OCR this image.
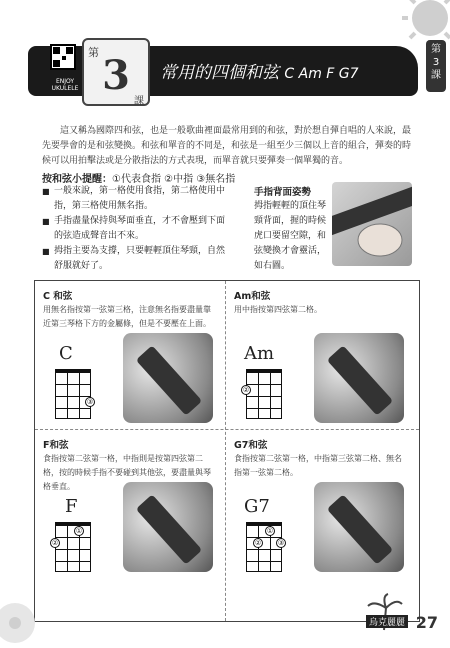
第
3
課
ENJOY
UKULELE
第 3
課
常用的四個和弦 C Am F G7

這又稱為國際四和弦，也是一般歌曲裡面最常用到的和弦，對於想自彈自唱的人來說，最先要學會的是和弦變換。和弦和單音的不同是，和弦是一組至少三個以上音的組合，彈奏的時候可以用拍擊法或是分散指法的方式表現，而單音就只要彈奏一個單獨的音。

按和弦小提醒：①代表食指 ②中指 ③無名指
■ 一般來說，第一格使用食指，第二格使用中指，第三格使用無名指。
■ 手指盡量保持與琴面垂直，才不會壓到下面的弦造成聲音出不來。
■ 拇指主要為支撐，只要輕輕頂住琴頸，自然舒服就好了。
手指背面姿勢

拇指輕輕的頂住琴頸背面，握的時候虎口要留空隙，和弦變換才會靈活，如右圖。

C 和弦
用無名指按第一弦第三格，注意無名指要盡量靠近第三琴格下方的金屬條，但是不要壓在上面。
C
③
Am和弦
用中指按第四弦第二格。
Am
②
F和弦
食指按第二弦第一格，中指則是按第四弦第二格，按的時候手指不要碰到其他弦，要盡量與琴格垂直。
F
①
②
G7和弦
食指按第二弦第一格，中指第三弦第二格、無名指第一弦第二格。
G7
①
② ③
烏克麗麗 27
